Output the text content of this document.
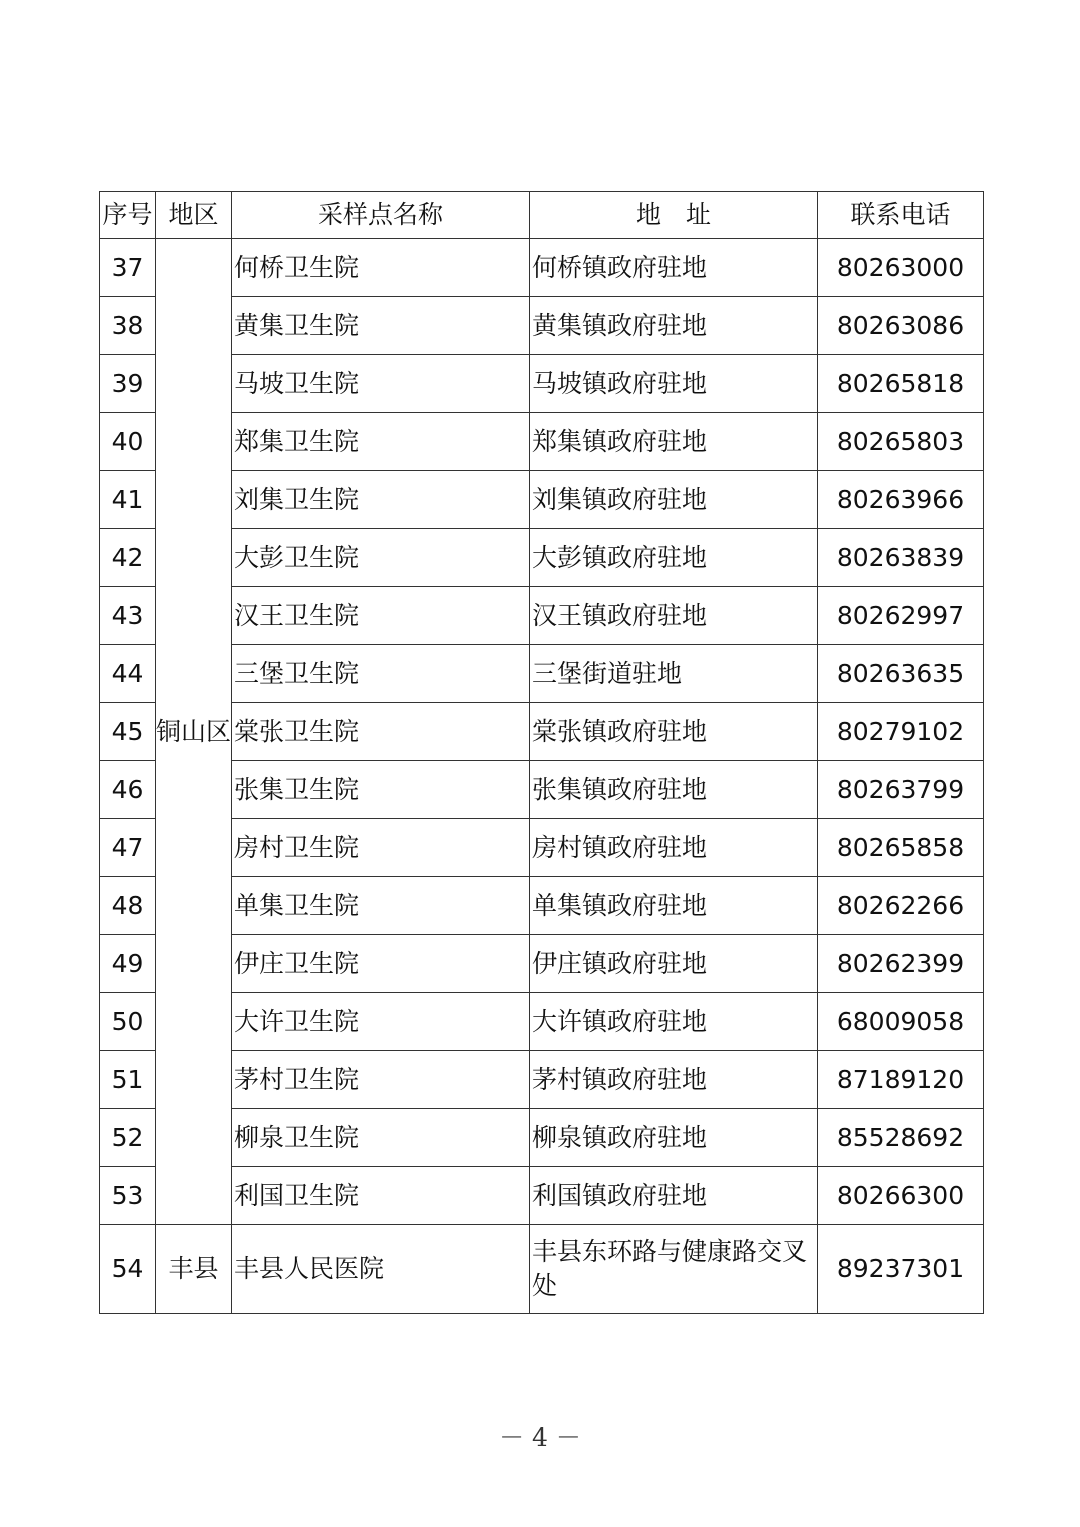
序号	地区	采样点名称	地　址	联系电话
37	铜山区	何桥卫生院	何桥镇政府驻地	80263000
38		黄集卫生院	黄集镇政府驻地	80263086
39		马坡卫生院	马坡镇政府驻地	80265818
40		郑集卫生院	郑集镇政府驻地	80265803
41		刘集卫生院	刘集镇政府驻地	80263966
42		大彭卫生院	大彭镇政府驻地	80263839
43		汉王卫生院	汉王镇政府驻地	80262997
44		三堡卫生院	三堡街道驻地	80263635
45		棠张卫生院	棠张镇政府驻地	80279102
46		张集卫生院	张集镇政府驻地	80263799
47		房村卫生院	房村镇政府驻地	80265858
48		单集卫生院	单集镇政府驻地	80262266
49		伊庄卫生院	伊庄镇政府驻地	80262399
50		大许卫生院	大许镇政府驻地	68009058
51		茅村卫生院	茅村镇政府驻地	87189120
52		柳泉卫生院	柳泉镇政府驻地	85528692
53		利国卫生院	利国镇政府驻地	80266300
54	丰县	丰县人民医院	丰县东环路与健康路交叉处	89237301
－ 4 －
